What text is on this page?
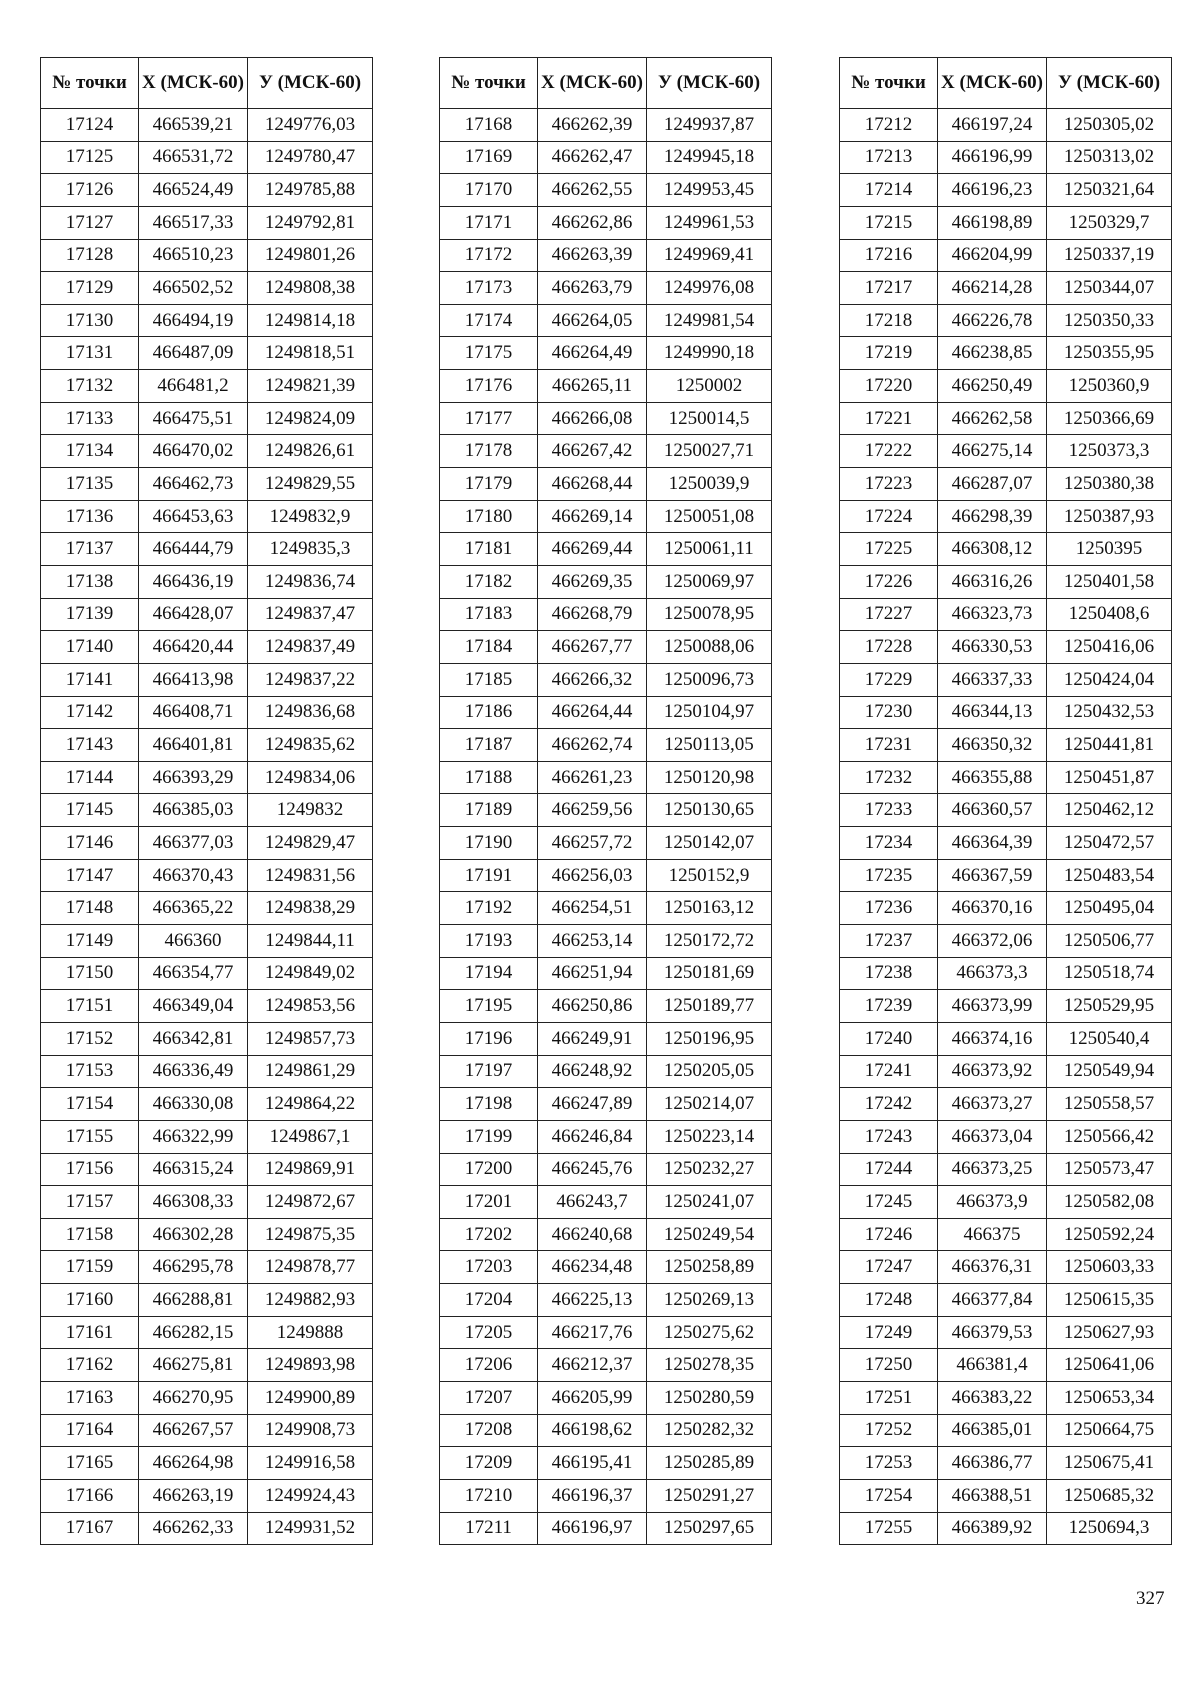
№ точки	Х (МСК-60)	У (МСК-60)
17124	466539,21	1249776,03
17125	466531,72	1249780,47
17126	466524,49	1249785,88
17127	466517,33	1249792,81
17128	466510,23	1249801,26
17129	466502,52	1249808,38
17130	466494,19	1249814,18
17131	466487,09	1249818,51
17132	466481,2	1249821,39
17133	466475,51	1249824,09
17134	466470,02	1249826,61
17135	466462,73	1249829,55
17136	466453,63	1249832,9
17137	466444,79	1249835,3
17138	466436,19	1249836,74
17139	466428,07	1249837,47
17140	466420,44	1249837,49
17141	466413,98	1249837,22
17142	466408,71	1249836,68
17143	466401,81	1249835,62
17144	466393,29	1249834,06
17145	466385,03	1249832
17146	466377,03	1249829,47
17147	466370,43	1249831,56
17148	466365,22	1249838,29
17149	466360	1249844,11
17150	466354,77	1249849,02
17151	466349,04	1249853,56
17152	466342,81	1249857,73
17153	466336,49	1249861,29
17154	466330,08	1249864,22
17155	466322,99	1249867,1
17156	466315,24	1249869,91
17157	466308,33	1249872,67
17158	466302,28	1249875,35
17159	466295,78	1249878,77
17160	466288,81	1249882,93
17161	466282,15	1249888
17162	466275,81	1249893,98
17163	466270,95	1249900,89
17164	466267,57	1249908,73
17165	466264,98	1249916,58
17166	466263,19	1249924,43
17167	466262,33	1249931,52
№ точки	Х (МСК-60)	У (МСК-60)
17168	466262,39	1249937,87
17169	466262,47	1249945,18
17170	466262,55	1249953,45
17171	466262,86	1249961,53
17172	466263,39	1249969,41
17173	466263,79	1249976,08
17174	466264,05	1249981,54
17175	466264,49	1249990,18
17176	466265,11	1250002
17177	466266,08	1250014,5
17178	466267,42	1250027,71
17179	466268,44	1250039,9
17180	466269,14	1250051,08
17181	466269,44	1250061,11
17182	466269,35	1250069,97
17183	466268,79	1250078,95
17184	466267,77	1250088,06
17185	466266,32	1250096,73
17186	466264,44	1250104,97
17187	466262,74	1250113,05
17188	466261,23	1250120,98
17189	466259,56	1250130,65
17190	466257,72	1250142,07
17191	466256,03	1250152,9
17192	466254,51	1250163,12
17193	466253,14	1250172,72
17194	466251,94	1250181,69
17195	466250,86	1250189,77
17196	466249,91	1250196,95
17197	466248,92	1250205,05
17198	466247,89	1250214,07
17199	466246,84	1250223,14
17200	466245,76	1250232,27
17201	466243,7	1250241,07
17202	466240,68	1250249,54
17203	466234,48	1250258,89
17204	466225,13	1250269,13
17205	466217,76	1250275,62
17206	466212,37	1250278,35
17207	466205,99	1250280,59
17208	466198,62	1250282,32
17209	466195,41	1250285,89
17210	466196,37	1250291,27
17211	466196,97	1250297,65
№ точки	Х (МСК-60)	У (МСК-60)
17212	466197,24	1250305,02
17213	466196,99	1250313,02
17214	466196,23	1250321,64
17215	466198,89	1250329,7
17216	466204,99	1250337,19
17217	466214,28	1250344,07
17218	466226,78	1250350,33
17219	466238,85	1250355,95
17220	466250,49	1250360,9
17221	466262,58	1250366,69
17222	466275,14	1250373,3
17223	466287,07	1250380,38
17224	466298,39	1250387,93
17225	466308,12	1250395
17226	466316,26	1250401,58
17227	466323,73	1250408,6
17228	466330,53	1250416,06
17229	466337,33	1250424,04
17230	466344,13	1250432,53
17231	466350,32	1250441,81
17232	466355,88	1250451,87
17233	466360,57	1250462,12
17234	466364,39	1250472,57
17235	466367,59	1250483,54
17236	466370,16	1250495,04
17237	466372,06	1250506,77
17238	466373,3	1250518,74
17239	466373,99	1250529,95
17240	466374,16	1250540,4
17241	466373,92	1250549,94
17242	466373,27	1250558,57
17243	466373,04	1250566,42
17244	466373,25	1250573,47
17245	466373,9	1250582,08
17246	466375	1250592,24
17247	466376,31	1250603,33
17248	466377,84	1250615,35
17249	466379,53	1250627,93
17250	466381,4	1250641,06
17251	466383,22	1250653,34
17252	466385,01	1250664,75
17253	466386,77	1250675,41
17254	466388,51	1250685,32
17255	466389,92	1250694,3
327
